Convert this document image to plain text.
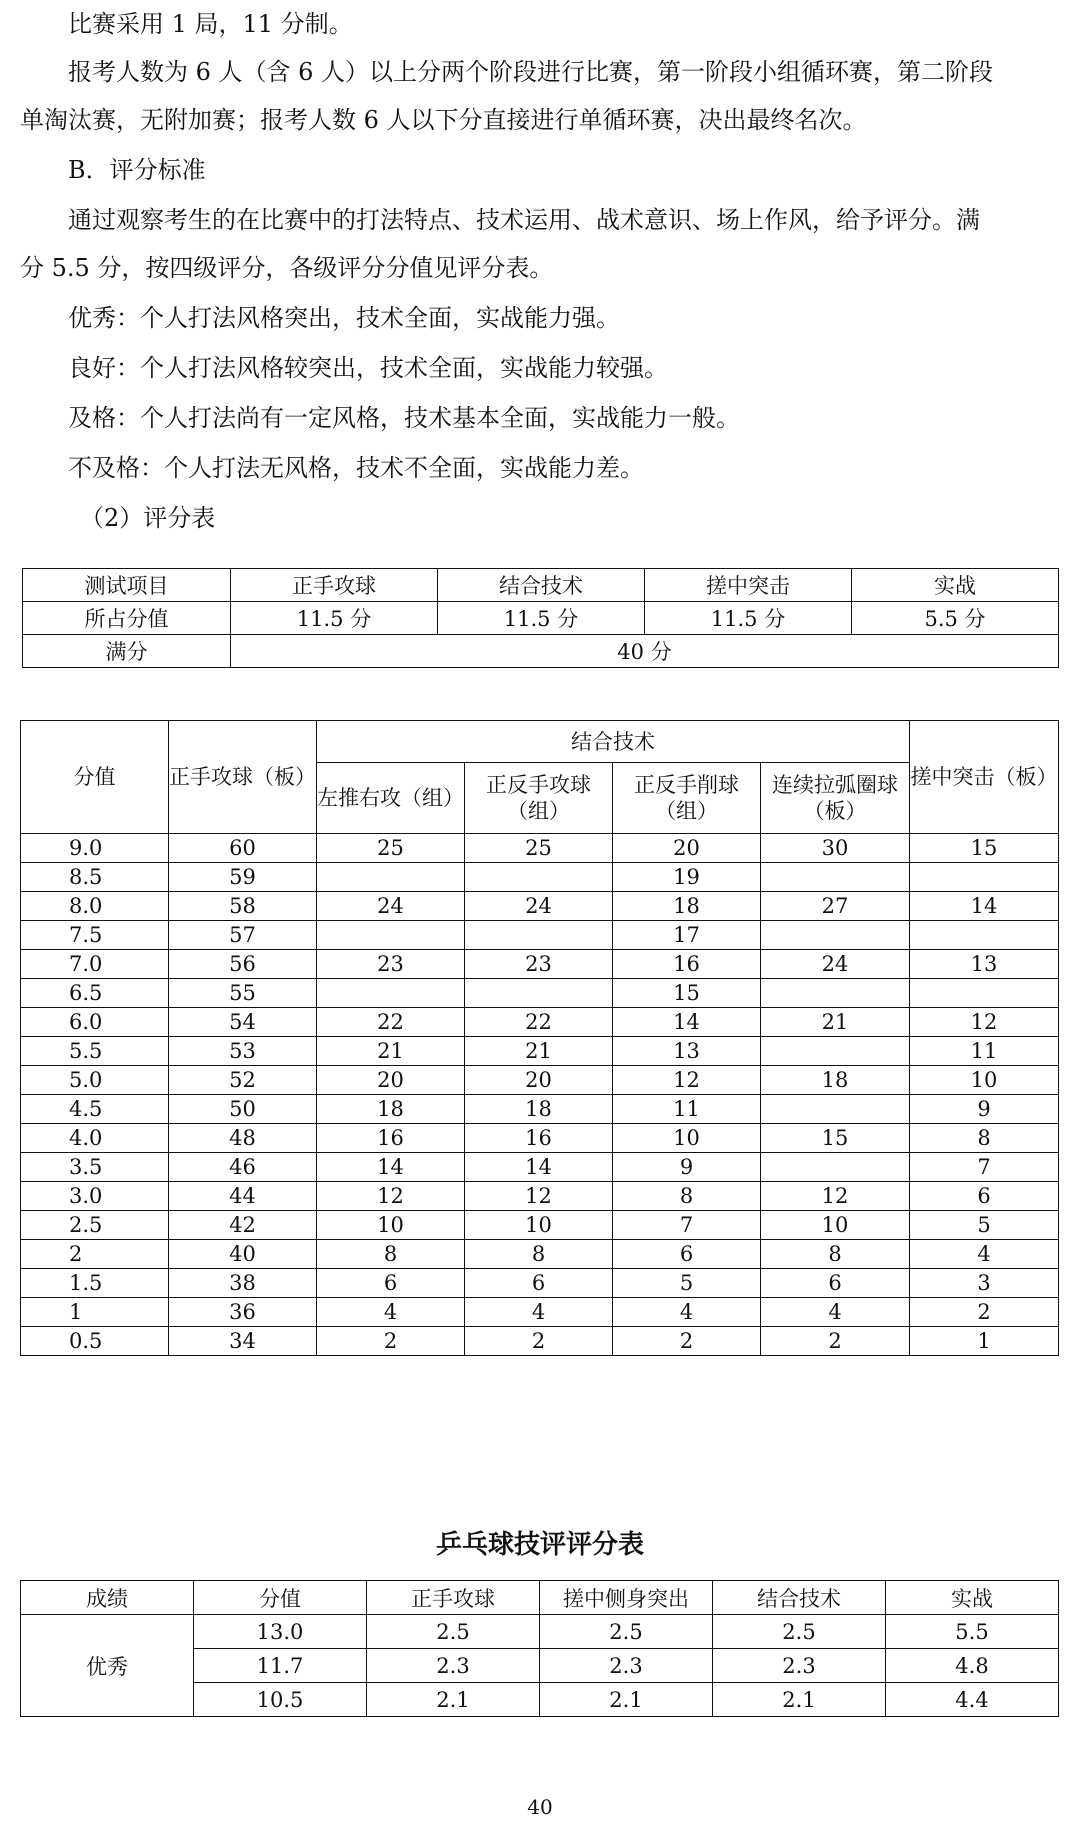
比赛采用 1 局，11 分制。

报考人数为 6 人（含 6 人）以上分两个阶段进行比赛，第一阶段小组循环赛，第二阶段
单淘汰赛，无附加赛；报考人数 6 人以下分直接进行单循环赛，决出最终名次。

B．评分标准

通过观察考生的在比赛中的打法特点、技术运用、战术意识、场上作风，给予评分。满
分 5.5 分，按四级评分，各级评分分值见评分表。

优秀：个人打法风格突出，技术全面，实战能力强。

良好：个人打法风格较突出，技术全面，实战能力较强。

及格：个人打法尚有一定风格，技术基本全面，实战能力一般。

不及格：个人打法无风格，技术不全面，实战能力差。

（2）评分表

测试项目	正手攻球	结合技术	搓中突击	实战
所占分值	11.5 分	11.5 分	11.5 分	5.5 分
满分	40 分			
分值	正手攻球（板）	结合技术				搓中突击（板）
		左推右攻（组）	正反手攻球（组）	正反手削球（组）	连续拉弧圈球（板）	
9.0	60	25	25	20	30	15
8.5	59			19		
8.0	58	24	24	18	27	14
7.5	57			17		
7.0	56	23	23	16	24	13
6.5	55			15		
6.0	54	22	22	14	21	12
5.5	53	21	21	13		11
5.0	52	20	20	12	18	10
4.5	50	18	18	11		9
4.0	48	16	16	10	15	8
3.5	46	14	14	9		7
3.0	44	12	12	8	12	6
2.5	42	10	10	7	10	5
2	40	8	8	6	8	4
1.5	38	6	6	5	6	3
1	36	4	4	4	4	2
0.5	34	2	2	2	2	1
乒乓球技评评分表
成绩	分值	正手攻球	搓中侧身突出	结合技术	实战
优秀	13.0	2.5	2.5	2.5	5.5
	11.7	2.3	2.3	2.3	4.8
	10.5	2.1	2.1	2.1	4.4
40
